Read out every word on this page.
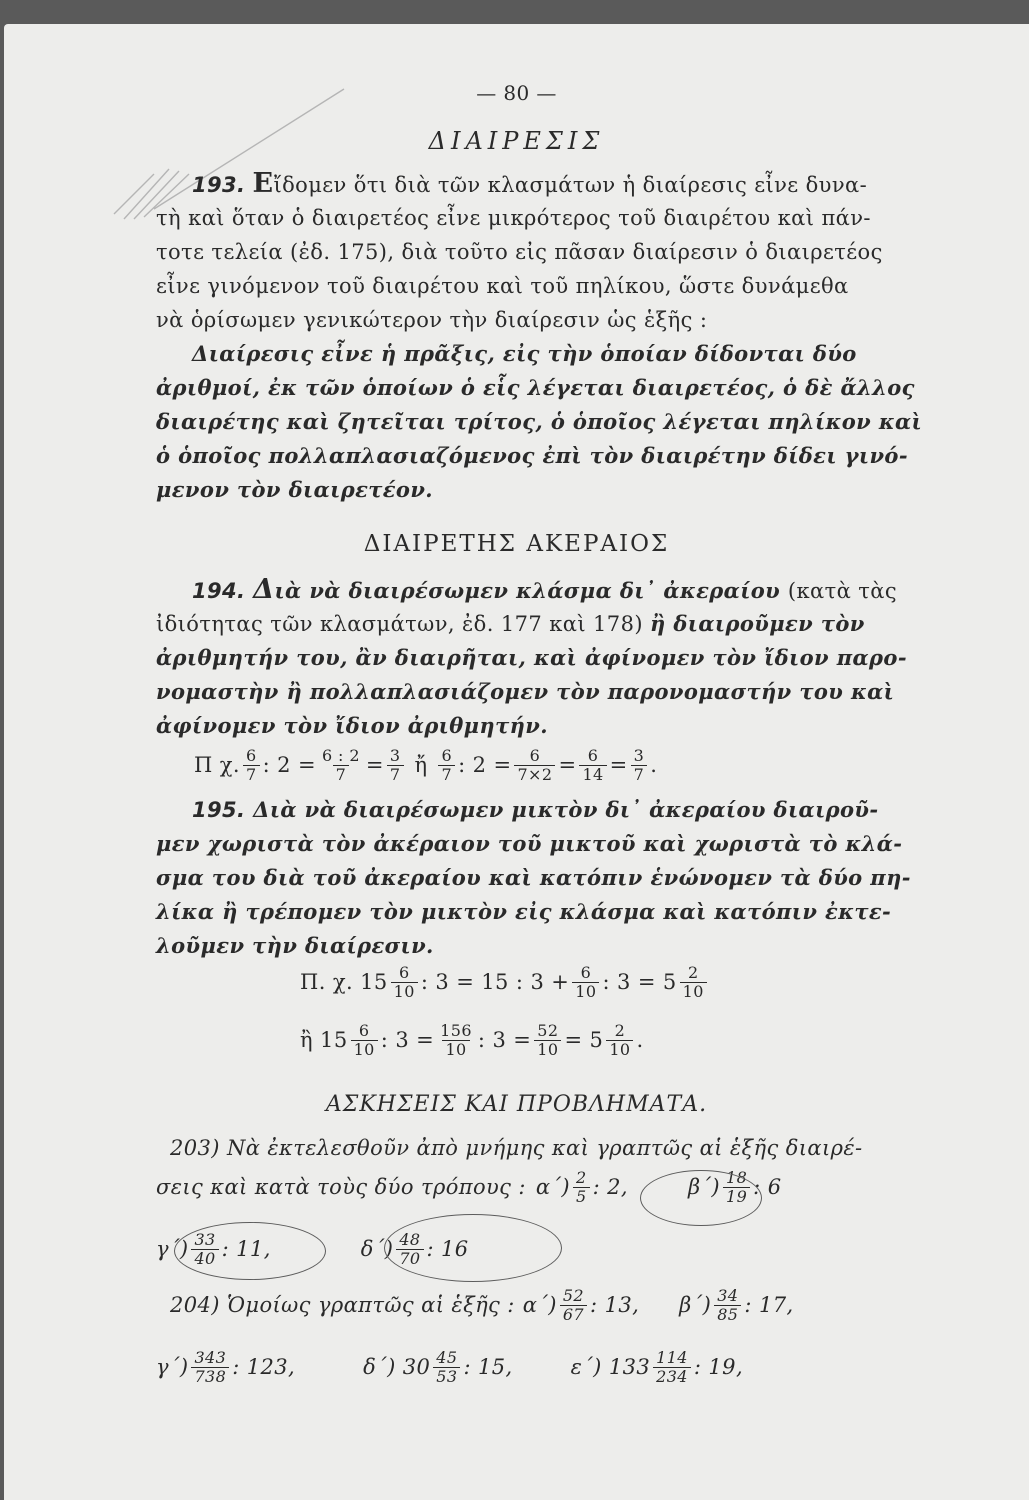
— 80 —
ΔΙΑΙΡΕΣΙΣ
193. Εἴδομεν ὅτι διὰ τῶν κλασμάτων ἡ διαίρεσις εἶνε δυνα-
τὴ καὶ ὅταν ὁ διαιρετέος εἶνε μικρότερος τοῦ διαιρέτου καὶ πάν-
τοτε τελεία (ἐδ. 175), διὰ τοῦτο εἰς πᾶσαν διαίρεσιν ὁ διαιρετέος
εἶνε γινόμενον τοῦ διαιρέτου καὶ τοῦ πηλίκου, ὥστε δυνάμεθα
νὰ ὁρίσωμεν γενικώτερον τὴν διαίρεσιν ὡς ἑξῆς :
Διαίρεσις εἶνε ἡ πρᾶξις, εἰς τὴν ὁποίαν δίδονται δύο
ἀριθμοί, ἐκ τῶν ὁποίων ὁ εἷς λέγεται διαιρετέος, ὁ δὲ ἄλλος
διαιρέτης καὶ ζητεῖται τρίτος, ὁ ὁποῖος λέγεται πηλίκον καὶ
ὁ ὁποῖος πολλαπλασιαζόμενος ἐπὶ τὸν διαιρέτην δίδει γινό-
μενον τὸν διαιρετέον.
ΔΙΑΙΡΕΤΗΣ ΑΚΕΡΑΙΟΣ
194. Διὰ νὰ διαιρέσωμεν κλάσμα δι᾽ ἀκεραίου (κατὰ τὰς
ἰδιότητας τῶν κλασμάτων, ἐδ. 177 καὶ 178) ἢ διαιροῦμεν τὸν
ἀριθμητήν του, ἂν διαιρῆται, καὶ ἀφίνομεν τὸν ἴδιον παρο-
νομαστὴν ἢ πολλαπλασιάζομεν τὸν παρονομαστήν του καὶ
ἀφίνομεν τὸν ἴδιον ἀριθμητήν.
Π χ. $\frac{6}{7}$ : $2 = \frac{6 : 2}{7} = \frac{3}{7}$ ἤ $\frac{6}{7}$ : $2 = \frac{6}{7\times 2} = \frac{6}{14} = \frac{3}{7}$ .
195. Διὰ νὰ διαιρέσωμεν μικτὸν δι᾽ ἀκεραίου διαιροῦ-
μεν χωριστὰ τὸν ἀκέραιον τοῦ μικτοῦ καὶ χωριστὰ τὸ κλά-
σμα του διὰ τοῦ ἀκεραίου καὶ κατόπιν ἑνώνομεν τὰ δύο πη-
λίκα ἢ τρέπομεν τὸν μικτὸν εἰς κλάσμα καὶ κατόπιν ἐκτε-
λοῦμεν τὴν διαίρεσιν.
Π. χ. $15 \frac{6}{10}$ : 3 = 15 : $3 + \frac{6}{10}$ : $3 = 5 \frac{2}{10}$
ἢ $15 \frac{6}{10}$ : $3 = \frac{156}{10}$ : $3 = \frac{52}{10} = 5 \frac{2}{10}$ .
ΑΣΚΗΣΕΙΣ ΚΑΙ ΠΡΟΒΛΗΜΑΤΑ.
203) Νὰ ἐκτελεσθοῦν ἀπὸ μνήμης καὶ γραπτῶς αἱ ἑξῆς διαιρέ-
σεις καὶ κατὰ τοὺς δύο τρόπους : $\alpha΄) \frac{2}{5}$ : 2,	$\beta΄) \frac{18}{19}$ : 6
$\gamma΄) \frac{33}{40}$ : 11,	$\delta΄) \frac{48}{70}$ : 16
204) Ὁμοίως γραπτῶς αἱ ἑξῆς : $\alpha΄) \frac{52}{67}$ : 13, $\beta΄) \frac{34}{85}$ : 17,
$\gamma΄) \frac{343}{738}$ : 123,	δ΄) $30 \frac{45}{53}$ : 15,	ε΄) $133 \frac{114}{234}$ : 19,
